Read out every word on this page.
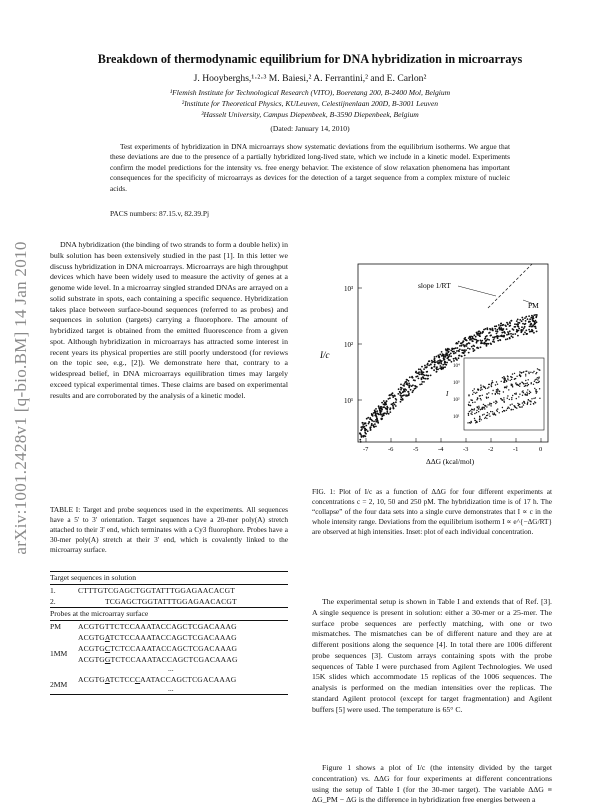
arXiv:1001.2428v1 [q-bio.BM] 14 Jan 2010
Breakdown of thermodynamic equilibrium for DNA hybridization in microarrays
J. Hooyberghs,¹·²·³ M. Baiesi,² A. Ferrantini,² and E. Carlon²
¹Flemish Institute for Technological Research (VITO), Boeretang 200, B-2400 Mol, Belgium
²Institute for Theoretical Physics, KULeuven, Celestijnenlaan 200D, B-3001 Leuven
³Hasselt University, Campus Diepenbeek, B-3590 Diepenbeek, Belgium
(Dated: January 14, 2010)
Test experiments of hybridization in DNA microarrays show systematic deviations from the equilibrium isotherms. We argue that these deviations are due to the presence of a partially hybridized long-lived state, which we include in a kinetic model. Experiments confirm the model predictions for the intensity vs. free energy behavior. The existence of slow relaxation phenomena has important consequences for the specificity of microarrays as devices for the detection of a target sequence from a complex mixture of nucleic acids.
PACS numbers: 87.15.v, 82.39.Pj
DNA hybridization (the binding of two strands to form a double helix) in bulk solution has been extensively studied in the past [1]. In this letter we discuss hybridization in DNA microarrays. Microarrays are high throughput devices which have been widely used to measure the activity of genes at a genome wide level. In a microarray singled stranded DNAs are arrayed on a solid substrate in spots, each containing a specific sequence. Hybridization takes place between surface-bound sequences (referred to as probes) and sequences in solution (targets) carrying a fluorophore. The amount of hybridized target is obtained from the emitted fluorescence from a given spot. Although hybridization in microarrays has attracted some interest in recent years its physical properties are still poorly understood (for reviews on the topic see, e.g., [2]). We demonstrate here that, contrary to a widespread belief, in DNA microarrays equilibration times may largely exceed typical experimental times. These claims are based on experimental results and are corroborated by the analysis of a kinetic model.
TABLE I: Target and probe sequences used in the experiments. All sequences have a 5' to 3' orientation. Target sequences have a 20-mer poly(A) stretch attached to their 3' end, which terminates with a Cy3 fluorophore. Probes have a 30-mer poly(A) stretch at their 3' end, which is covalently linked to the microarray surface.
Target sequences in solution
1.	CTTTGTCGAGCTGGTATTTGGAGAACACGT
2.	TCGAGCTGGTATTTGGAGAACACGT
Probes at the microarray surface
PM	ACGTGTTCTCCAAATACCAGCTCGACAAAG
1MM
ACGTGATCTCCAAATACCAGCTCGACAAAG
ACGTGCTCTCCAAATACCAGCTCGACAAAG
ACGTGGTCTCCAAATACCAGCTCGACAAAG
...
2MM	ACGTGATCTCCCAATACCAGCTCGACAAAG
...
10³
10²
10¹
I/c
-7	-6	-5	-4	-3	-2	-1	0
ΔΔG (kcal/mol)
slope 1/RT
PM
I
10⁴
10³
10²
10¹
FIG. 1: Plot of I/c as a function of ΔΔG for four different experiments at concentrations c = 2, 10, 50 and 250 pM. The hybridization time is of 17 h. The “collapse” of the four data sets into a single curve demonstrates that I ∝ c in the whole intensity range. Deviations from the equilibrium isotherm I ∝ e^{−ΔG/RT} are observed at high intensities. Inset: plot of each individual concentration.
The experimental setup is shown in Table I and extends that of Ref. [3]. A single sequence is present in solution: either a 30-mer or a 25-mer. The surface probe sequences are perfectly matching, with one or two mismatches. The mismatches can be of different nature and they are at different positions along the sequence [4]. In total there are 1006 different probe sequences [3]. Custom arrays containing spots with the probe sequences of Table I were purchased from Agilent Technologies. We used 15K slides which accommodate 15 replicas of the 1006 sequences. The analysis is performed on the median intensities over the replicas. The standard Agilent protocol (except for target fragmentation) and Agilent buffers [5] were used. The temperature is 65° C.
Figure 1 shows a plot of I/c (the intensity divided by the target concentration) vs. ΔΔG for four experiments at different concentrations using the setup of Table I (for the 30-mer target). The variable ΔΔG ≡ ΔG_PM − ΔG is the difference in hybridization free energies between a
